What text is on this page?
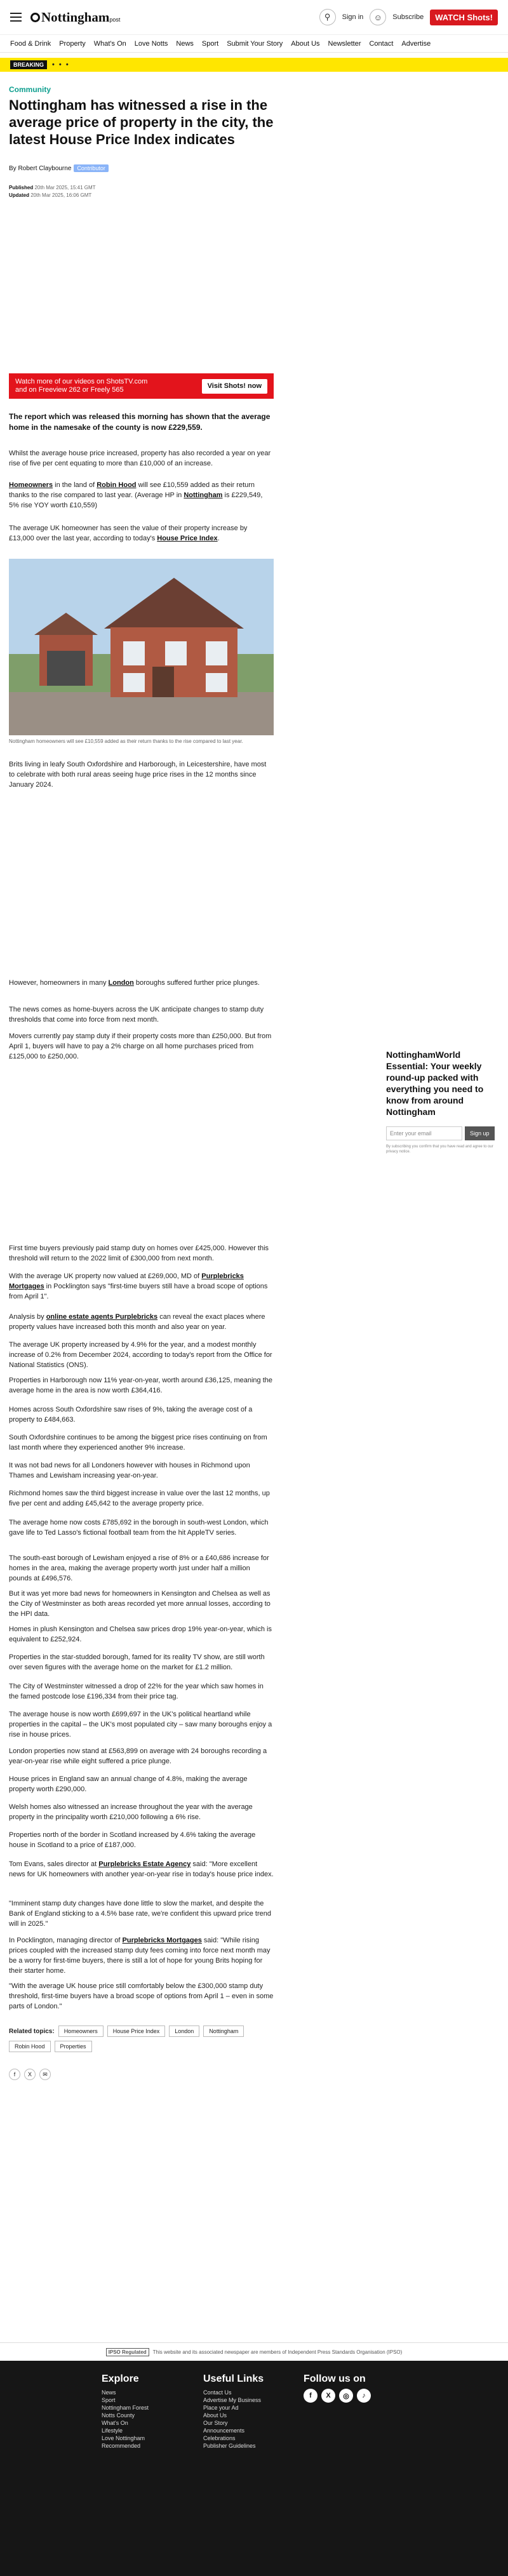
Nottinghampost	⚲	Sign in	☺	Subscribe	WATCH Shots!
Food & Drink Property What's On Love Notts News Sport Submit Your Story About Us Newsletter Contact Advertise
BREAKING	• • •
Community
Nottingham has witnessed a rise in the average price of property in the city, the latest House Price Index indicates
By Robert Claybourne Contributor
Published 20th Mar 2025, 15:41 GMT
Updated 20th Mar 2025, 16:06 GMT
Watch more of our videos on ShotsTV.com
and on Freeview 262 or Freely 565
Visit Shots! now
The report which was released this morning has shown that the average home in the namesake of the county is now £229,559.

Whilst the average house price increased, property has also recorded a year on year rise of five per cent equating to more than £10,000 of an increase.

Homeowners in the land of Robin Hood will see £10,559 added as their return thanks to the rise compared to last year. (Average HP in Nottingham is £229,549, 5% rise YOY worth £10,559)

The average UK homeowner has seen the value of their property increase by £13,000 over the last year, according to today's House Price Index.

Nottingham homeowners will see £10,559 added as their return thanks to the rise compared to last year.

Brits living in leafy South Oxfordshire and Harborough, in Leicestershire, have most to celebrate with both rural areas seeing huge price rises in the 12 months since January 2024.

However, homeowners in many London boroughs suffered further price plunges.

The news comes as home-buyers across the UK anticipate changes to stamp duty thresholds that come into force from next month.

Movers currently pay stamp duty if their property costs more than £250,000. But from April 1, buyers will have to pay a 2% charge on all home purchases priced from £125,000 to £250,000.

First time buyers previously paid stamp duty on homes over £425,000. However this threshold will return to the 2022 limit of £300,000 from next month.

With the average UK property now valued at £269,000, MD of Purplebricks Mortgages in Pocklington says "first-time buyers still have a broad scope of options from April 1".

Analysis by online estate agents Purplebricks can reveal the exact places where property values have increased both this month and also year on year.

The average UK property increased by 4.9% for the year, and a modest monthly increase of 0.2% from December 2024, according to today's report from the Office for National Statistics (ONS).

Properties in Harborough now 11% year-on-year, worth around £36,125, meaning the average home in the area is now worth £364,416.

Homes across South Oxfordshire saw rises of 9%, taking the average cost of a property to £484,663.

South Oxfordshire continues to be among the biggest price rises continuing on from last month where they experienced another 9% increase.

It was not bad news for all Londoners however with houses in Richmond upon Thames and Lewisham increasing year-on-year.

Richmond homes saw the third biggest increase in value over the last 12 months, up five per cent and adding £45,642 to the average property price.

The average home now costs £785,692 in the borough in south-west London, which gave life to Ted Lasso's fictional football team from the hit AppleTV series.

The south-east borough of Lewisham enjoyed a rise of 8% or a £40,686 increase for homes in the area, making the average property worth just under half a million pounds at £496,576.

But it was yet more bad news for homeowners in Kensington and Chelsea as well as the City of Westminster as both areas recorded yet more annual losses, according to the HPI data.

Homes in plush Kensington and Chelsea saw prices drop 19% year-on-year, which is equivalent to £252,924.

Properties in the star-studded borough, famed for its reality TV show, are still worth over seven figures with the average home on the market for £1.2 million.

The City of Westminster witnessed a drop of 22% for the year which saw homes in the famed postcode lose £196,334 from their price tag.

The average house is now worth £699,697 in the UK's political heartland while properties in the capital – the UK's most populated city – saw many boroughs enjoy a rise in house prices.

London properties now stand at £563,899 on average with 24 boroughs recording a year-on-year rise while eight suffered a price plunge.

House prices in England saw an annual change of 4.8%, making the average property worth £290,000.

Welsh homes also witnessed an increase throughout the year with the average property in the principality worth £210,000 following a 6% rise.

Properties north of the border in Scotland increased by 4.6% taking the average house in Scotland to a price of £187,000.

Tom Evans, sales director at Purplebricks Estate Agency said: "More excellent news for UK homeowners with another year-on-year rise in today's house price index.

"Imminent stamp duty changes have done little to slow the market, and despite the Bank of England sticking to a 4.5% base rate, we're confident this upward price trend will in 2025."

In Pocklington, managing director of Purplebricks Mortgages said: "While rising prices coupled with the increased stamp duty fees coming into force next month may be a worry for first-time buyers, there is still a lot of hope for young Brits hoping for their starter home.

"With the average UK house price still comfortably below the £300,000 stamp duty threshold, first-time buyers have a broad scope of options from April 1 – even in some parts of London."

NottinghamWorld Essential: Your weekly round-up packed with everything you need to know from around Nottingham
Enter your email	Sign up
By subscribing you confirm that you have read and agree to our privacy notice.
Related topics:	Homeowners	House Price Index	London	Nottingham
Robin Hood	Properties
f	X	✉
IPSO Regulated	This website and its associated newspaper are members of Independent Press Standards Organisation (IPSO)
Explore
News
Sport
Nottingham Forest
Notts County
What's On
Lifestyle
Love Nottingham
Recommended
Useful Links
Contact Us
Advertise My Business
Place your Ad
About Us
Our Story
Announcements
Celebrations
Publisher Guidelines
Follow us on
f	X	◎	♪
